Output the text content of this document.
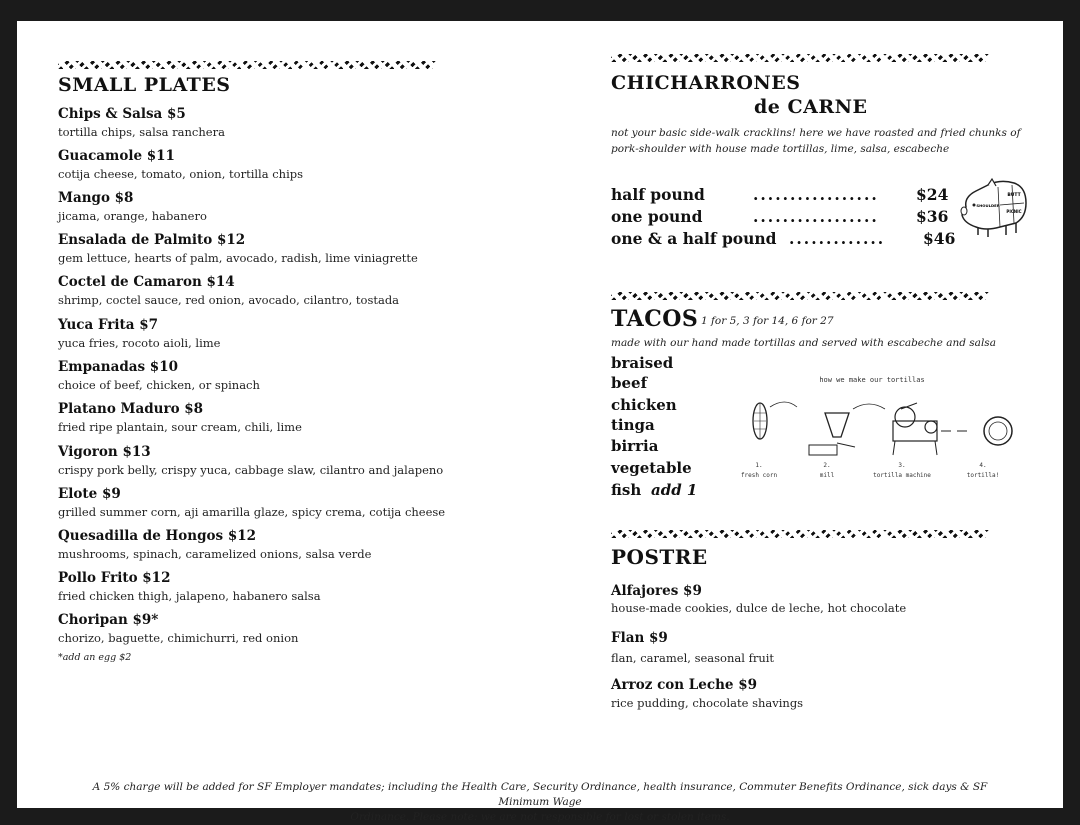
SMALL PLATES
Chips & Salsa $5
tortilla chips, salsa ranchera
Guacamole $11
cotija cheese, tomato, onion, tortilla chips
Mango $8
jicama, orange, habanero
Ensalada de Palmito $12
gem lettuce, hearts of palm, avocado, radish, lime viniagrette
Coctel de Camaron $14
shrimp, coctel sauce, red onion, avocado, cilantro, tostada
Yuca Frita $7
yuca fries, rocoto aioli, lime
Empanadas $10
choice of beef, chicken, or spinach
Platano Maduro $8
fried ripe plantain, sour cream, chili, lime
Vigoron $13
crispy pork belly, crispy yuca, cabbage slaw, cilantro and jalapeno
Elote $9
grilled summer corn, aji amarilla glaze, spicy crema, cotija cheese
Quesadilla de Hongos $12
mushrooms, spinach, caramelized onions, salsa verde
Pollo Frito $12
fried chicken thigh, jalapeno, habanero salsa
Choripan $9*
chorizo, baguette, chimichurri, red onion
*add an egg $2
CHICHARRONES
de CARNE
not your basic side-walk cracklins! here we have roasted and fried chunks of
pork-shoulder with house made tortillas, lime, salsa, escabeche
half pound	................. $24
one pound	................. $36
one & a half pound ............. $46
BUTT
PICNIC
SHOULDER
TACOS 1 for 5, 3 for 14, 6 for 27
made with our hand made tortillas and served with escabeche and salsa
braised
beef
chicken
tinga
birria
vegetable
fish add 1
how we make our tortillas
1.
fresh corn
2.
mill
3.
tortilla machine
4.
tortilla!
POSTRE
Alfajores $9
house-made cookies, dulce de leche, hot chocolate
Flan $9
flan, caramel, seasonal fruit
Arroz con Leche $9
rice pudding, chocolate shavings
A 5% charge will be added for SF Employer mandates; including the Health Care, Security Ordinance, health insurance, Commuter Benefits Ordinance, sick days & SF Minimum Wage
Ordinance. Please note: we are not responsible for lost or stolen items.
